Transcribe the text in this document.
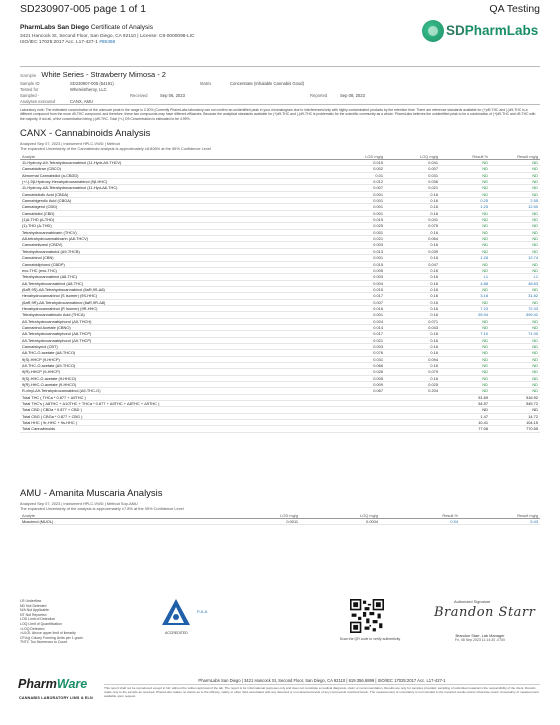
SD230907-005 page 1 of 1	QA Testing
PharmLabs San Diego Certificate of Analysis
3421 Hancock St, Second Floor, San Diego, CA 92110 | License: C8-0000098-LIC
ISO/IEC 17025:2017 Acc. L17-427-1 #85368
SDPharmLabs
Sample White Series - Strawberry Mimosa - 2
Sample ID	SD230907-005 (54191)	Matrix	Concentrate (Inhalable Cannabis Good)
Tested for	Whereistheroy, LLC
Sampled -	Received	Sep 06, 2023	Reported	Sep 08, 2023
Analyses executed	CANX, AMU
Laboratory note: The estimated concentration of the unknown peak in the range is 3.30% (Currently PharmLabs laboratory can not confirm an unidentified peak in your chromatogram due to interferences/only with highly contaminated products by the retention time. There are reference standards available for (+)d9-THC and (-)d9-THC is a different compound from the more d9-THC compound, and therefore, these two compounds may have different efficacies. Because the analytical standards available for (+)d9-THC and (-)d9-THC is problematic for the scientific community as a whole. PharmLabs believes the unidentified peak to be a combination of (+)d9-THC and d9-THC with the majority, if not all, of the concentration being (-)d9-THC. Total (+/-) D9 Concentration is estimated to be 4.99%.
CANX - Cannabinoids Analysis
Analyzed Sep 07, 2023 | Instrument HPLC-VWD | Method
The expanded Uncertainty of the Cannabinoid analysis is approximately ±8.806% at the 95% Confidence Level
Analyte	LOD mg/g	LOQ mg/g	Result %	Result mg/g
11-Hydroxy-Δ9-Tetrahydrocannabinol (11-Hydr-Δ9-THCV)	0.015	0.041	ND	ND
Cannabicitran (CBCO)	0.002	0.007	ND	ND
Abnormal Cannabidiol (a-CBDD)	0.01	0.031	ND	ND
(+/-)-9β-Hydroxy-Hexahydrocannabinol (9β-HHC)	0.012	0.036	ND	ND
11-Hydroxy-Δ8-Tetrahydrocannabinol (11-Hyd-Δ8-THC)	0.007	0.021	ND	ND
Cannabidiolic Acid (CBDA)	0.001	0.16	ND	ND
Cannabigerolic Acid (CBGA)	0.001	0.16	0.25	2.55
Cannabigerol (CBG)	0.001	0.16	1.25	12.50
Cannabidiol (CBD)	0.001	0.16	ND	ND
(1)Δ-THD (Δ-THD)	0.015	0.041	ND	ND
(1)-THD (Δ-THD)	0.025	0.075	ND	ND
Tetrahydrocannabivarin (THCV)	0.001	0.16	ND	ND
Δ8-tetrahydrocannabivarin (Δ8-THCV)	0.021	0.064	ND	ND
Cannabidivarol (CBDV)	0.003	0.16	ND	ND
Tetrahydrocannabutol (Δ9-THCB)	0.013	0.039	ND	ND
Cannabinol (CBN)	0.001	0.16	1.28	12.74
Cannabidiphorol (CBDP)	0.015	0.047	ND	ND
exo-THC (exo-THC)	0.005	0.16	ND	ND
Tetrahydrocannabinol (Δ8-THC)	0.003	0.16	L1	L1
Δ8-Tetrahydrocannabinol (Δ8-THC)	0.004	0.16	4.88	48.83
(6aR,9S)-Δ8-Tetrahydrocannabinol (6aR,9S-Δ8)	0.015	0.16	ND	ND
Hexahydrocannabinol (S Isomer) (9S-HHC)	0.017	0.16	3.18	31.82
(6aR,9R)-Δ8-Tetrahydrocannabinol (6aR,9R-Δ8)	0.007	0.16	ND	ND
Hexahydrocannabinol (R Isomer) (9R-HHC)	0.016	0.16	7.23	72.33
Tetrahydrocannabinolic Acid (THCA)	0.001	0.16	59.94	599.42
Δ9-Tetrahydrocannabiphorol (Δ9-THCH)	0.024	0.071	ND	ND
Cannabinol Acetate (CBNO)	0.014	0.043	ND	ND
Δ8-Tetrahydrocannabiphorol (Δ8-THCP)	0.017	0.16	7.10	71.00
Δ9-Tetrahydrocannabiphorol (Δ9-THCP)	0.021	0.16	ND	ND
Cannabicyclol (CBT)	0.003	0.16	ND	ND
Δ8-THC-O-acetate (Δ8-THCO)	0.076	0.16	ND	ND
9(S)-HHCP (9-HHCP)	0.031	0.094	ND	ND
Δ9-THC-O-acetate (Δ9-THCO)	0.066	0.16	ND	ND
9(R)-HHCP (9-HHCP)	0.026	0.079	ND	ND
9(S)-HHC-O-acetate (9-HHCO)	0.005	0.16	ND	ND
9(R)-HHC-O-acetate (9-HHCO)	0.009	0.025	ND	ND
R-vinyl-Δ9-Tetrahydrocannabinol (Δ9-THC-O)	0.067	0.204	ND	ND
Total THC ( THCa * 0.877 + Δ9THC )			51.69	516.92
Total THC's ( Δ8THC + Δ10THC + THCa * 0.877 + Δ9THC + Δ8THC + Δ9THC )			54.57	545.72
Total CBD ( CBDa * 0.877 + CBD )			ND	ND
Total CBG ( CBGa * 0.877 + CBG )			1.47	14.72
Total HHC ( 9r-HHC + 9s-HHC )			10.41	104.15
Total Cannabinoids			77.06	770.55
AMU - Amanita Muscaria Analysis
Analyzed Sep 07, 2023 | Instrument HPLC-VWD | Method Sop-AMU
The expanded Uncertainty of the analysis is approximately ±7.8% at the 95% Confidence Level
Analyte	LOD mg/g	LOQ mg/g	Result %	Result mg/g
Muscimol (MUOL)	0.0011	0.0034	0.54	5.43
LR Underflow
ND Not Detected
N/A Not Applicable
NT Not Reported
LOD Limit of Detection
LOQ Limit of Quantification
<LOQ Detected
>ULOL Above upper limit of linearity
CFU/g Colony Forming Units per 1 gram
TNTC Too Numerous to Count
P.JLA
ACCREDITED
Scan the QR code to verify authenticity
Authorized Signature
Brandon Starr
Brandon Starr, Lab Manager
Fri, 08 Sep 2023 11:14:30 -0700
PharmWare
CANNABIS LABORATORY LIMS & ELN
PharmLabs San Diego | 3421 Hancock St, Second Floor, San Diego, CA 92110 | 619.356.6899 | ISO/IEC 17025:2017 Acc. L17-427-1
This report shall not be reproduced except in full, without the written approval of the lab. The report is for informational purposes only and does not constitute a medical diagnosis, claim or recommendation. Results are only for samples provided; sampling of submitted material is the responsibility of the client. Results relate only to the sample as received. PharmLabs makes no claims as to the efficacy, safety or other risks associated with any detected or non-detected levels of any compounds reported herein. The measurement of uncertainty is not included in the reported results unless otherwise noted. Uncertainty of measurement available upon request.
